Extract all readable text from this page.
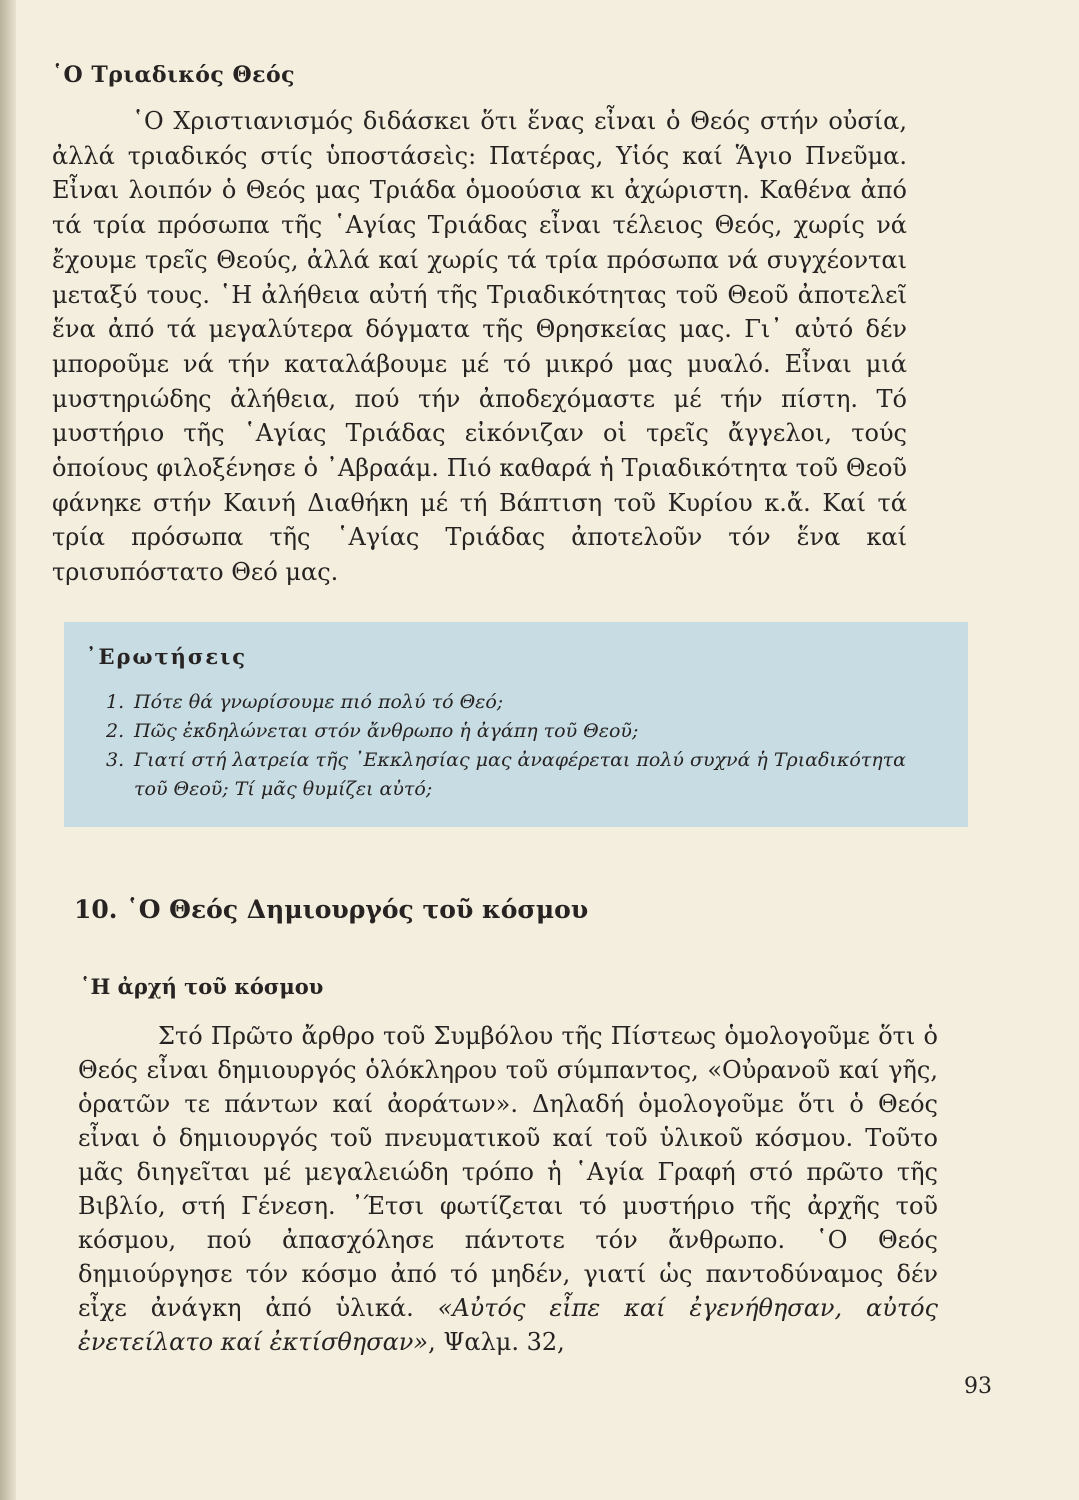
῾Ο Τριαδικός Θεός

῾Ο Χριστιανισμός διδάσκει ὅτι ἕνας εἶναι ὁ Θεός στήν οὐσία, ἀλλά τριαδικός στίς ὑποστάσεὶς: Πατέρας, Υἱός καί Ἅγιο Πνεῦμα. Εἶναι λοιπόν ὁ Θεός μας Τριάδα ὁμοούσια κι ἀχώριστη. Καθένα ἀπό τά τρία πρόσωπα τῆς ῾Αγίας Τριάδας εἶναι τέλειος Θεός, χωρίς νά ἔχουμε τρεῖς Θεούς, ἀλλά καί χωρίς τά τρία πρόσωπα νά συγχέονται μεταξύ τους. ῾Η ἀλήθεια αὐτή τῆς Τριαδικότητας τοῦ Θεοῦ ἀποτελεῖ ἕνα ἀπό τά μεγαλύτερα δόγματα τῆς Θρησκείας μας. Γι᾿ αὐτό δέν μποροῦμε νά τήν καταλάβουμε μέ τό μικρό μας μυαλό. Εἶναι μιά μυστηριώδης ἀλήθεια, πού τήν ἀποδεχόμαστε μέ τήν πίστη. Τό μυστήριο τῆς ῾Αγίας Τριάδας εἰκόνιζαν οἱ τρεῖς ἄγγελοι, τούς ὁποίους φιλοξένησε ὁ ᾿Αβραάμ. Πιό καθαρά ἡ Τριαδικότητα τοῦ Θεοῦ φάνηκε στήν Καινή Διαθήκη μέ τή Βάπτιση τοῦ Κυρίου κ.ἄ. Καί τά τρία πρόσωπα τῆς ῾Αγίας Τριάδας ἀποτελοῦν τόν ἕνα καί τρισυπόστατο Θεό μας.

᾿Ερωτήσεις
1. Πότε θά γνωρίσουμε πιό πολύ τό Θεό;
2. Πῶς ἐκδηλώνεται στόν ἄνθρωπο ἡ ἀγάπη τοῦ Θεοῦ;
3. Γιατί στή λατρεία τῆς ᾿Εκκλησίας μας ἀναφέρεται πολύ συχνά ἡ Τριαδικότητα τοῦ Θεοῦ; Τί μᾶς θυμίζει αὐτό;
10. ῾Ο Θεός Δημιουργός τοῦ κόσμου
῾Η ἀρχή τοῦ κόσμου

Στό Πρῶτο ἄρθρο τοῦ Συμβόλου τῆς Πίστεως ὁμολογοῦμε ὅτι ὁ Θεός εἶναι δημιουργός ὁλόκληρου τοῦ σύμπαντος, «Οὐρανοῦ καί γῆς, ὁρατῶν τε πάντων καί ἀοράτων». Δηλαδή ὁμολογοῦμε ὅτι ὁ Θεός εἶναι ὁ δημιουργός τοῦ πνευματικοῦ καί τοῦ ὑλικοῦ κόσμου. Τοῦτο μᾶς διηγεῖται μέ μεγαλειώδη τρόπο ἡ ῾Αγία Γραφή στό πρῶτο τῆς Βιβλίο, στή Γένεση. ᾿Έτσι φωτίζεται τό μυστήριο τῆς ἀρχῆς τοῦ κόσμου, πού ἀπασχόλησε πάντοτε τόν ἄνθρωπο. ῾Ο Θεός δημιούργησε τόν κόσμο ἀπό τό μηδέν, γιατί ὡς παντοδύναμος δέν εἶχε ἀνάγκη ἀπό ὑλικά. «Αὐτός εἶπε καί ἐγενήθησαν, αὐτός ἐνετείλατο καί ἐκτίσθησαν», Ψαλμ. 32,

93
